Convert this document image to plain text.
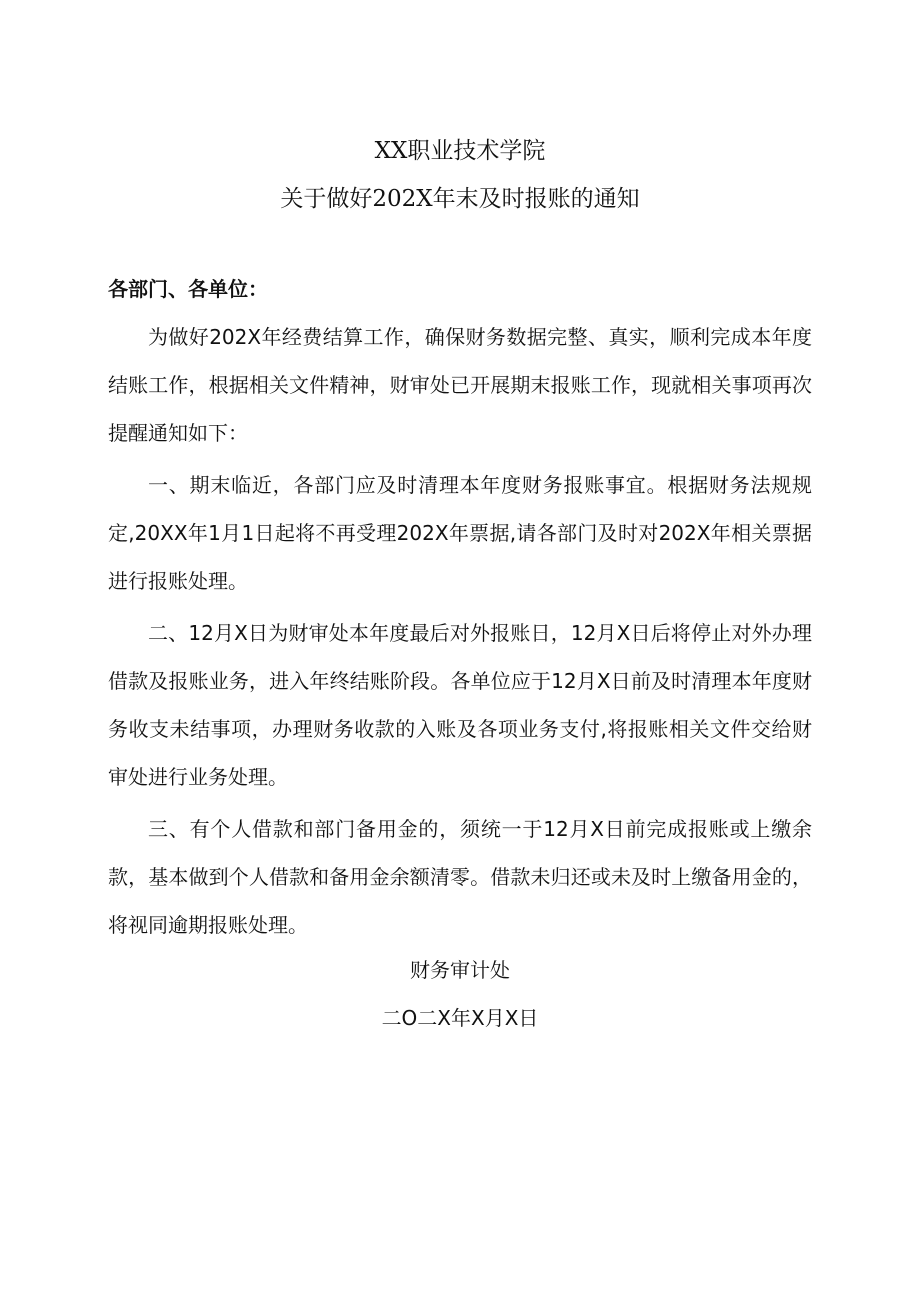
XX职业技术学院
关于做好202X年末及时报账的通知
各部门、各单位：

为做好202X年经费结算工作，确保财务数据完整、真实，顺利完成本年度结账工作，根据相关文件精神，财审处已开展期末报账工作，现就相关事项再次提醒通知如下：

一、期末临近，各部门应及时清理本年度财务报账事宜。根据财务法规规定,20XX年1月1日起将不再受理202X年票据,请各部门及时对202X年相关票据进行报账处理。

二、12月X日为财审处本年度最后对外报账日，12月X日后将停止对外办理借款及报账业务，进入年终结账阶段。各单位应于12月X日前及时清理本年度财务收支未结事项，办理财务收款的入账及各项业务支付,将报账相关文件交给财审处进行业务处理。

三、有个人借款和部门备用金的，须统一于12月X日前完成报账或上缴余款，基本做到个人借款和备用金余额清零。借款未归还或未及时上缴备用金的，将视同逾期报账处理。

财务审计处
二O二X年X月X日
